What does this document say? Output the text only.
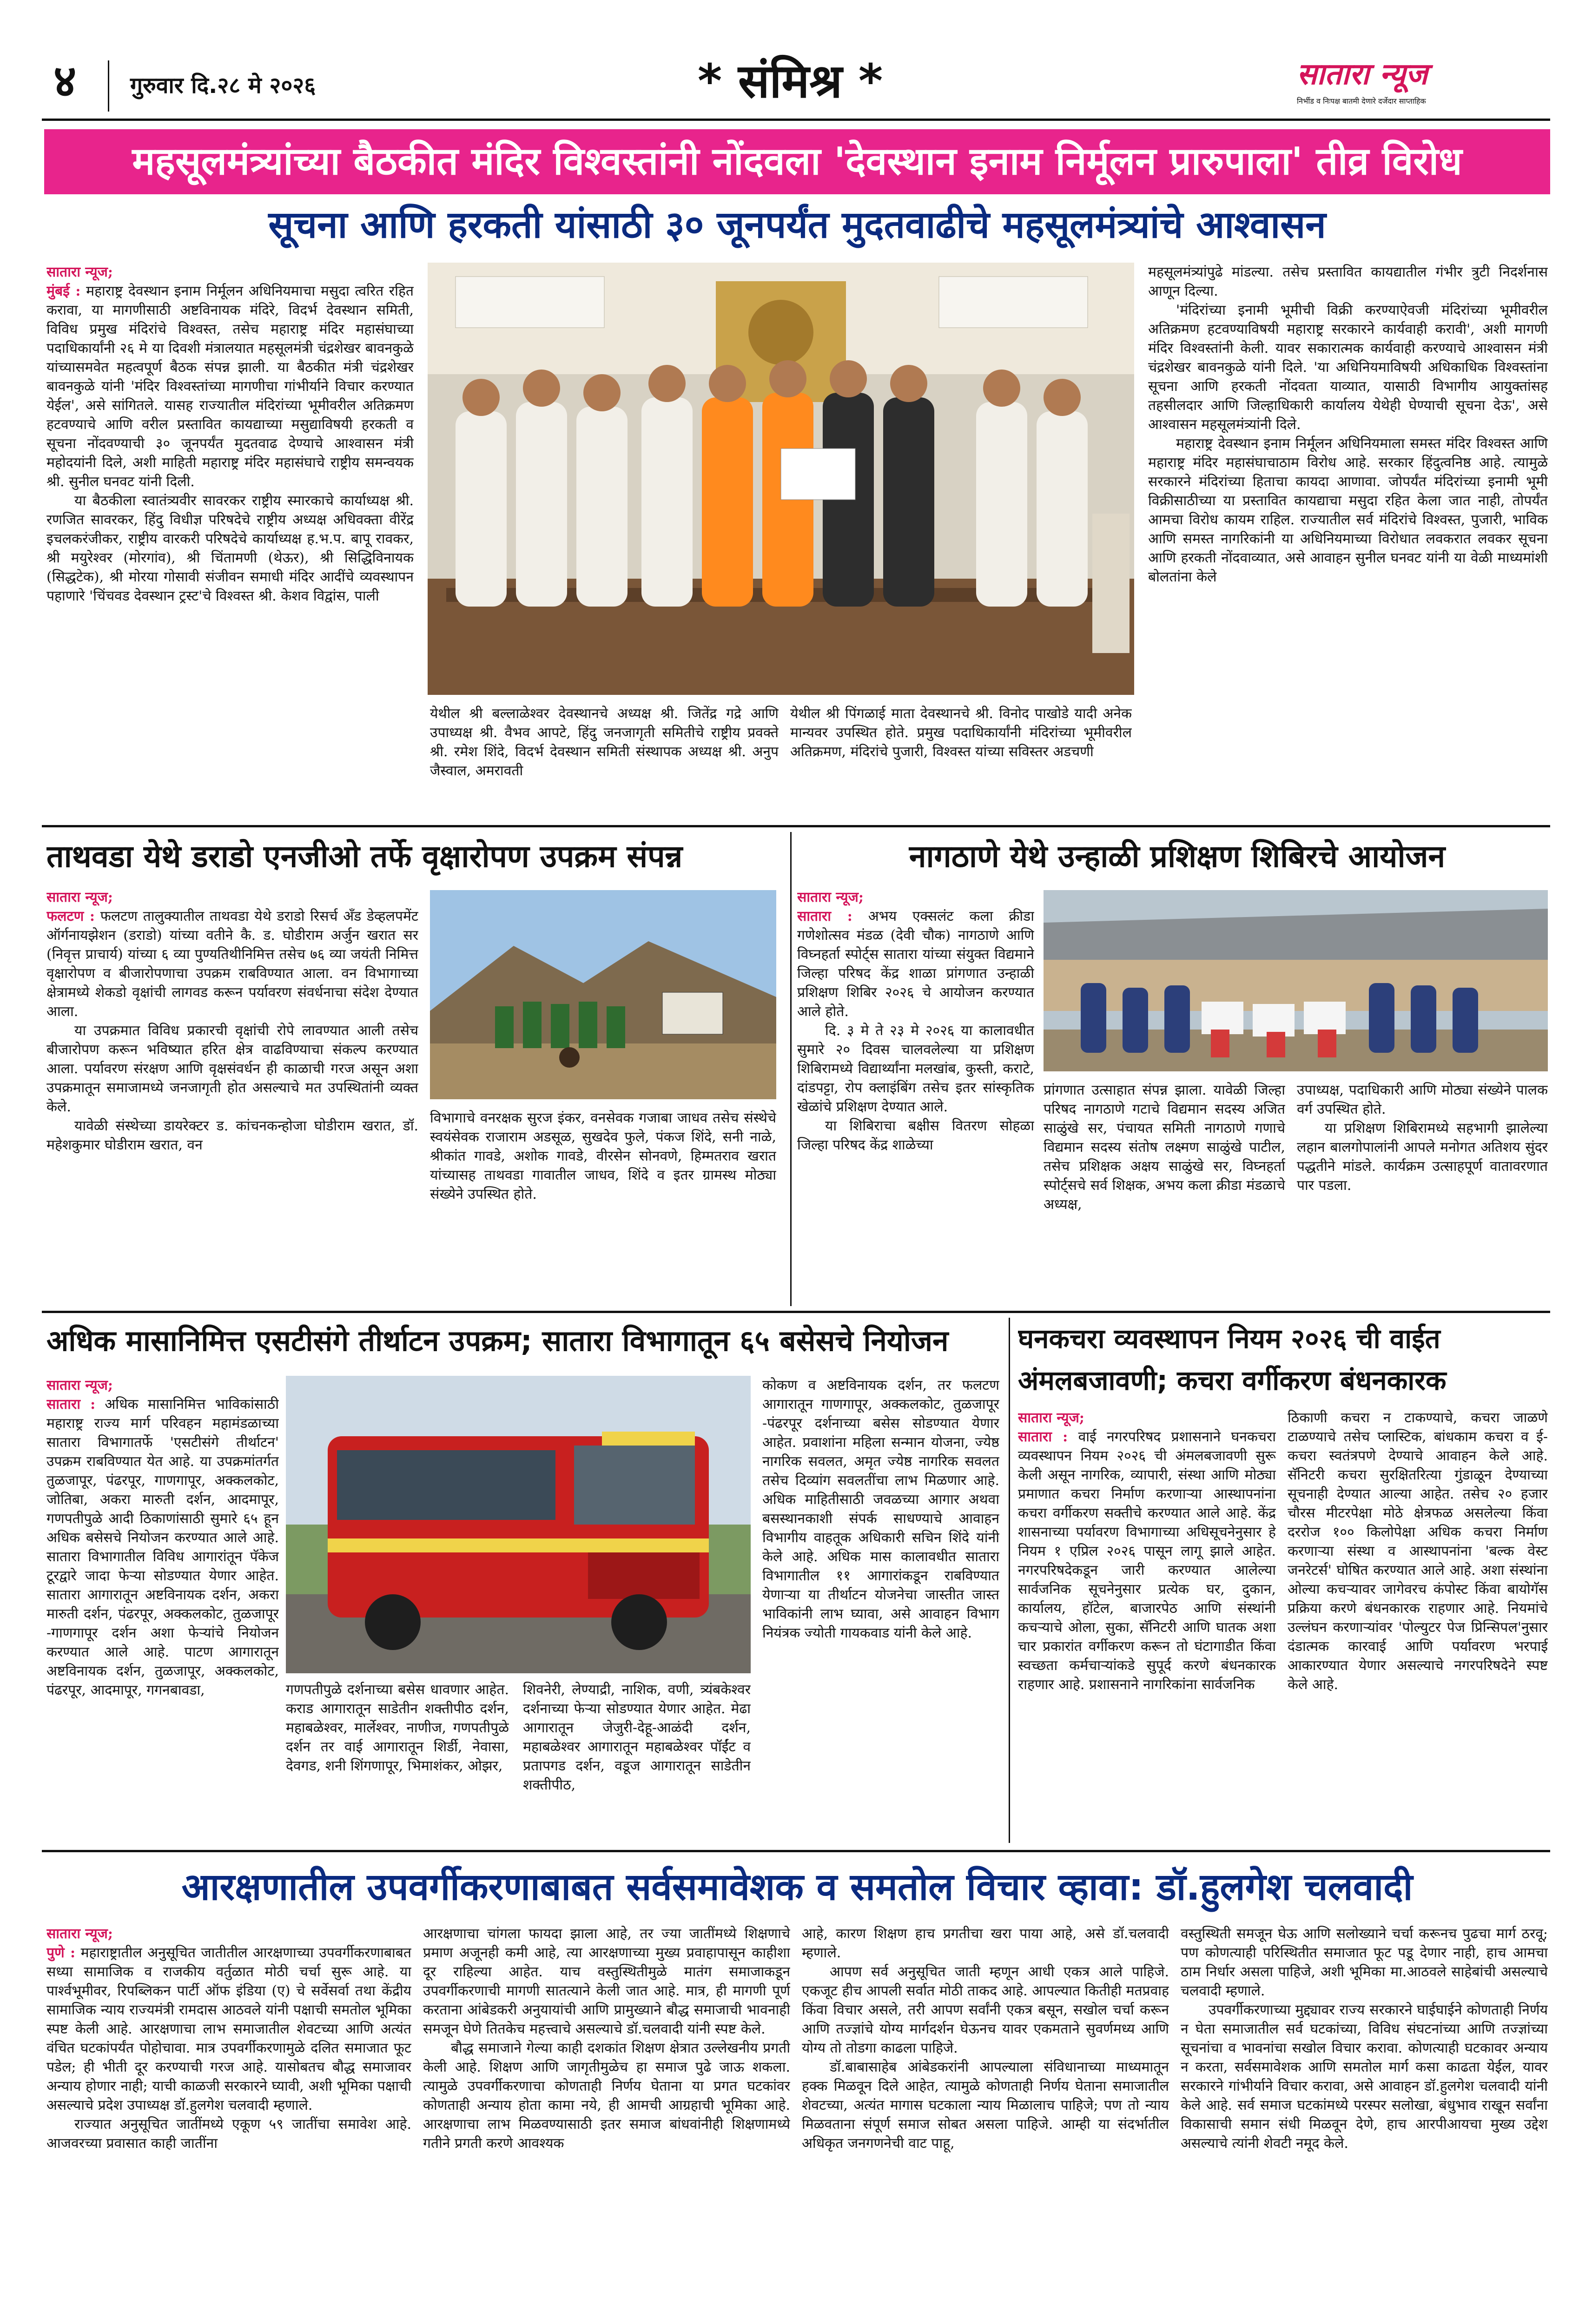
४ गुरुवार दि.२८ मे २०२६	* संमिश्र *	सातारा न्यूज
निर्भीड व निःपक्ष बातमी देणारे दर्जेदार साप्ताहिक
महसूलमंत्र्यांच्या बैठकीत मंदिर विश्वस्तांनी नोंदवला 'देवस्थान इनाम निर्मूलन प्रारुपाला' तीव्र विरोध
सूचना आणि हरकती यांसाठी ३० जूनपर्यंत मुदतवाढीचे महसूलमंत्र्यांचे आश्वासन
सातारा न्यूज;

मुंबई : महाराष्ट्र देवस्थान इनाम निर्मूलन अधिनियमाचा मसुदा त्वरित रहित करावा, या मागणीसाठी अष्टविनायक मंदिरे, विदर्भ देवस्थान समिती, विविध प्रमुख मंदिरांचे विश्वस्त, तसेच महाराष्ट्र मंदिर महासंघाच्या पदाधिकार्यांनी २६ मे या दिवशी मंत्रालयात महसूलमंत्री चंद्रशेखर बावनकुळे यांच्यासमवेत महत्वपूर्ण बैठक संपन्न झाली. या बैठकीत मंत्री चंद्रशेखर बावनकुळे यांनी 'मंदिर विश्वस्तांच्या मागणीचा गांभीर्याने विचार करण्यात येईल', असे सांगितले. यासह राज्यातील मंदिरांच्या भूमीवरील अतिक्रमण हटवण्याचे आणि वरील प्रस्तावित कायद्याच्या मसुद्याविषयी हरकती व सूचना नोंदवण्याची ३० जूनपर्यंत मुदतवाढ देण्याचे आश्वासन मंत्री महोदयांनी दिले, अशी माहिती महाराष्ट्र मंदिर महासंघाचे राष्ट्रीय समन्वयक श्री. सुनील घनवट यांनी दिली.

या बैठकीला स्वातंत्र्यवीर सावरकर राष्ट्रीय स्मारकाचे कार्याध्यक्ष श्री. रणजित सावरकर, हिंदु विधीज्ञ परिषदेचे राष्ट्रीय अध्यक्ष अधिवक्ता वीरेंद्र इचलकरंजीकर, राष्ट्रीय वारकरी परिषदेचे कार्याध्यक्ष ह.भ.प. बापू रावकर, श्री मयुरेश्वर (मोरगांव), श्री चिंतामणी (थेऊर), श्री सिद्धिविनायक (सिद्धटेक), श्री मोरया गोसावी संजीवन समाधी मंदिर आदींचे व्यवस्थापन पहाणारे 'चिंचवड देवस्थान ट्रस्ट'चे विश्वस्त श्री. केशव विद्वांस, पाली

येथील श्री बल्लाळेश्वर देवस्थानचे अध्यक्ष श्री. जितेंद्र गद्रे आणि उपाध्यक्ष श्री. वैभव आपटे, हिंदु जनजागृती समितीचे राष्ट्रीय प्रवक्ते श्री. रमेश शिंदे, विदर्भ देवस्थान समिती संस्थापक अध्यक्ष श्री. अनुप जैस्वाल, अमरावती
येथील श्री पिंगळाई माता देवस्थानचे श्री. विनोद पाखोडे यादी अनेक मान्यवर उपस्थित होते. प्रमुख पदाधिकार्यांनी मंदिरांच्या भूमीवरील अतिक्रमण, मंदिरांचे पुजारी, विश्वस्त यांच्या सविस्तर अडचणी

महसूलमंत्र्यांपुढे मांडल्या. तसेच प्रस्तावित कायद्यातील गंभीर त्रुटी निदर्शनास आणून दिल्या.

'मंदिरांच्या इनामी भूमीची विक्री करण्याऐवजी मंदिरांच्या भूमीवरील अतिक्रमण हटवण्याविषयी महाराष्ट्र सरकारने कार्यवाही करावी', अशी मागणी मंदिर विश्वस्तांनी केली. यावर सकारात्मक कार्यवाही करण्याचे आश्वासन मंत्री चंद्रशेखर बावनकुळे यांनी दिले. 'या अधिनियमाविषयी अधिकाधिक विश्वस्तांना सूचना आणि हरकती नोंदवता याव्यात, यासाठी विभागीय आयुक्तांसह तहसीलदार आणि जिल्हाधिकारी कार्यालय येथेही घेण्याची सूचना देऊ', असे आश्वासन महसूलमंत्र्यांनी दिले.

महाराष्ट्र देवस्थान इनाम निर्मूलन अधिनियमाला समस्त मंदिर विश्वस्त आणि महाराष्ट्र मंदिर महासंघाचाठाम विरोध आहे. सरकार हिंदुत्वनिष्ठ आहे. त्यामुळे सरकारने मंदिरांच्या हिताचा कायदा आणावा. जोपर्यंत मंदिरांच्या इनामी भूमी विक्रीसाठीच्या या प्रस्तावित कायद्याचा मसुदा रहित केला जात नाही, तोपर्यंत आमचा विरोध कायम राहिल. राज्यातील सर्व मंदिरांचे विश्वस्त, पुजारी, भाविक आणि समस्त नागरिकांनी या अधिनियमाच्या विरोधात लवकरात लवकर सूचना आणि हरकती नोंदवाव्यात, असे आवाहन सुनील घनवट यांनी या वेळी माध्यमांशी बोलतांना केले

ताथवडा येथे डराडो एनजीओ तर्फे वृक्षारोपण उपक्रम संपन्न
सातारा न्यूज;

फलटण : फलटण तालुक्यातील ताथवडा येथे डराडो रिसर्च अँड डेव्हलपमेंट ऑर्गनायझेशन (डराडो) यांच्या वतीने कै. ड. घोडीराम अर्जुन खरात सर (निवृत्त प्राचार्य) यांच्या ६ व्या पुण्यतिथीनिमित्त तसेच ७६ व्या जयंती निमित्त वृक्षारोपण व बीजारोपणाचा उपक्रम राबविण्यात आला. वन विभागाच्या क्षेत्रामध्ये शेकडो वृक्षांची लागवड करून पर्यावरण संवर्धनाचा संदेश देण्यात आला.

या उपक्रमात विविध प्रकारची वृक्षांची रोपे लावण्यात आली तसेच बीजारोपण करून भविष्यात हरित क्षेत्र वाढविण्याचा संकल्प करण्यात आला. पर्यावरण संरक्षण आणि वृक्षसंवर्धन ही काळाची गरज असून अशा उपक्रमातून समाजामध्ये जनजागृती होत असल्याचे मत उपस्थितांनी व्यक्त केले.

यावेळी संस्थेच्या डायरेक्टर ड. कांचनकन्होजा घोडीराम खरात, डॉ. महेशकुमार घोडीराम खरात, वन

विभागाचे वनरक्षक सुरज इंकर, वनसेवक गजाबा जाधव तसेच संस्थेचे स्वयंसेवक राजाराम अडसूळ, सुखदेव फुले, पंकज शिंदे, सनी नाळे, श्रीकांत गावडे, अशोक गावडे, वीरसेन सोनवणे, हिम्मतराव खरात यांच्यासह ताथवडा गावातील जाधव, शिंदे व इतर ग्रामस्थ मोठ्या संख्येने उपस्थित होते.
नागठाणे येथे उन्हाळी प्रशिक्षण शिबिरचे आयोजन
सातारा न्यूज;

सातारा : अभय एक्सलंट कला क्रीडा गणेशोत्सव मंडळ (देवी चौक) नागठाणे आणि विघ्नहर्ता स्पोर्ट्स सातारा यांच्या संयुक्त विद्यमाने जिल्हा परिषद केंद्र शाळा प्रांगणात उन्हाळी प्रशिक्षण शिबिर २०२६ चे आयोजन करण्यात आले होते.

दि. ३ मे ते २३ मे २०२६ या कालावधीत सुमारे २० दिवस चालवलेल्या या प्रशिक्षण शिबिरामध्ये विद्यार्थ्यांना मलखांब, कुस्ती, कराटे, दांडपट्टा, रोप क्लाइंबिंग तसेच इतर सांस्कृतिक खेळांचे प्रशिक्षण देण्यात आले.

या शिबिराचा बक्षीस वितरण सोहळा जिल्हा परिषद केंद्र शाळेच्या

प्रांगणात उत्साहात संपन्न झाला. यावेळी जिल्हा परिषद नागठाणे गटाचे विद्यमान सदस्य अजित साळुंखे सर, पंचायत समिती नागठाणे गणाचे विद्यमान सदस्य संतोष लक्ष्मण साळुंखे पाटील, तसेच प्रशिक्षक अक्षय साळुंखे सर, विघ्नहर्ता स्पोर्ट्सचे सर्व शिक्षक, अभय कला क्रीडा मंडळाचे अध्यक्ष,

उपाध्यक्ष, पदाधिकारी आणि मोठ्या संख्येने पालक वर्ग उपस्थित होते.

या प्रशिक्षण शिबिरामध्ये सहभागी झालेल्या लहान बालगोपालांनी आपले मनोगत अतिशय सुंदर पद्धतीने मांडले. कार्यक्रम उत्साहपूर्ण वातावरणात पार पडला.

अधिक मासानिमित्त एसटीसंगे तीर्थाटन उपक्रम; सातारा विभागातून ६५ बसेसचे नियोजन
सातारा न्यूज;

सातारा : अधिक मासानिमित्त भाविकांसाठी महाराष्ट्र राज्य मार्ग परिवहन महामंडळाच्या सातारा विभागातर्फे 'एसटीसंगे तीर्थाटन' उपक्रम राबविण्यात येत आहे. या उपक्रमांतर्गत तुळजापूर, पंढरपूर, गाणगापूर, अक्कलकोट, जोतिबा, अकरा मारुती दर्शन, आदमापूर, गणपतीपुळे आदी ठिकाणांसाठी सुमारे ६५ हून अधिक बसेसचे नियोजन करण्यात आले आहे. सातारा विभागातील विविध आगारांतून पॅकेज टूरद्वारे जादा फेऱ्या सोडण्यात येणार आहेत. सातारा आगारातून अष्टविनायक दर्शन, अकरा मारुती दर्शन, पंढरपूर, अक्कलकोट, तुळजापूर -गाणगापूर दर्शन अशा फेऱ्यांचे नियोजन करण्यात आले आहे. पाटण आगारातून अष्टविनायक दर्शन, तुळजापूर, अक्कलकोट, पंढरपूर, आदमापूर, गगनबावडा,	गणपतीपुळे दर्शनाच्या बसेस धावणार आहेत. कराड आगारातून साडेतीन शक्तीपीठ दर्शन, महाबळेश्वर, मार्लेश्वर, नाणीज, गणपतीपुळे दर्शन तर वाई आगारातून शिर्डी, नेवासा, देवगड, शनी शिंगणापूर, भिमाशंकर, ओझर,
शिवनेरी, लेण्याद्री, नाशिक, वणी, त्र्यंबकेश्वर दर्शनाच्या फेऱ्या सोडण्यात येणार आहेत. मेढा आगारातून जेजुरी-देहू-आळंदी दर्शन, महाबळेश्वर आगारातून महाबळेश्वर पॉईंट व प्रतापगड दर्शन, वडूज आगारातून साडेतीन शक्तीपीठ,

कोकण व अष्टविनायक दर्शन, तर फलटण आगारातून गाणगापूर, अक्कलकोट, तुळजापूर -पंढरपूर दर्शनाच्या बसेस सोडण्यात येणार आहेत. प्रवाशांना महिला सन्मान योजना, ज्येष्ठ नागरिक सवलत, अमृत ज्येष्ठ नागरिक सवलत तसेच दिव्यांग सवलतींचा लाभ मिळणार आहे. अधिक माहितीसाठी जवळच्या आगार अथवा बसस्थानकाशी संपर्क साधण्याचे आवाहन विभागीय वाहतूक अधिकारी सचिन शिंदे यांनी केले आहे. अधिक मास कालावधीत सातारा विभागातील ११ आगारांकडून राबविण्यात येणाऱ्या या तीर्थाटन योजनेचा जास्तीत जास्त भाविकांनी लाभ घ्यावा, असे आवाहन विभाग नियंत्रक ज्योती गायकवाड यांनी केले आहे.

घनकचरा व्यवस्थापन नियम २०२६ ची वाईत
अंमलबजावणी; कचरा वर्गीकरण बंधनकारक
सातारा न्यूज;

सातारा : वाई नगरपरिषद प्रशासनाने घनकचरा व्यवस्थापन नियम २०२६ ची अंमलबजावणी सुरू केली असून नागरिक, व्यापारी, संस्था आणि मोठ्या प्रमाणात कचरा निर्माण करणाऱ्या आस्थापनांना कचरा वर्गीकरण सक्तीचे करण्यात आले आहे. केंद्र शासनाच्या पर्यावरण विभागाच्या अधिसूचनेनुसार हे नियम १ एप्रिल २०२६ पासून लागू झाले आहेत. नगरपरिषदेकडून जारी करण्यात आलेल्या सार्वजनिक सूचनेनुसार प्रत्येक घर, दुकान, कार्यालय, हॉटेल, बाजारपेठ आणि संस्थांनी कचऱ्याचे ओला, सुका, सॅनिटरी आणि घातक अशा चार प्रकारांत वर्गीकरण करून तो घंटागाडीत किंवा स्वच्छता कर्मचाऱ्यांकडे सुपूर्द करणे बंधनकारक राहणार आहे. प्रशासनाने नागरिकांना सार्वजनिक

ठिकाणी कचरा न टाकण्याचे, कचरा जाळणे टाळण्याचे तसेच प्लास्टिक, बांधकाम कचरा व ई-कचरा स्वतंत्रपणे देण्याचे आवाहन केले आहे. सॅनिटरी कचरा सुरक्षितरित्या गुंडाळून देण्याच्या सूचनाही देण्यात आल्या आहेत. तसेच २० हजार चौरस मीटरपेक्षा मोठे क्षेत्रफळ असलेल्या किंवा दररोज १०० किलोपेक्षा अधिक कचरा निर्माण करणाऱ्या संस्था व आस्थापनांना 'बल्क वेस्ट जनरेटर्स' घोषित करण्यात आले आहे. अशा संस्थांना ओल्या कचऱ्यावर जागेवरच कंपोस्ट किंवा बायोगॅस प्रक्रिया करणे बंधनकारक राहणार आहे. नियमांचे उल्लंघन करणाऱ्यांवर 'पोल्युटर पेज प्रिन्सिपल'नुसार दंडात्मक कारवाई आणि पर्यावरण भरपाई आकारण्यात येणार असल्याचे नगरपरिषदेने स्पष्ट केले आहे.

आरक्षणातील उपवर्गीकरणाबाबत सर्वसमावेशक व समतोल विचार व्हावा: डॉ.हुलगेश चलवादी
सातारा न्यूज;

पुणे : महाराष्ट्रातील अनुसूचित जातीतील आरक्षणाच्या उपवर्गीकरणाबाबत सध्या सामाजिक व राजकीय वर्तुळात मोठी चर्चा सुरू आहे. या पार्श्वभूमीवर, रिपब्लिकन पार्टी ऑफ इंडिया (ए) चे सर्वेसर्वा तथा केंद्रीय सामाजिक न्याय राज्यमंत्री रामदास आठवले यांनी पक्षाची समतोल भूमिका स्पष्ट केली आहे. आरक्षणाचा लाभ समाजातील शेवटच्या आणि अत्यंत वंचित घटकांपर्यंत पोहोचावा. मात्र उपवर्गीकरणामुळे दलित समाजात फूट पडेल; ही भीती दूर करण्याची गरज आहे. यासोबतच बौद्ध समाजावर अन्याय होणार नाही; याची काळजी सरकारने घ्यावी, अशी भूमिका पक्षाची असल्याचे प्रदेश उपाध्यक्ष डॉ.हुलगेश चलवादी म्हणाले.

राज्यात अनुसूचित जातींमध्ये एकूण ५९ जातींचा समावेश आहे. आजवरच्या प्रवासात काही जातींना

आरक्षणाचा चांगला फायदा झाला आहे, तर ज्या जातींमध्ये शिक्षणाचे प्रमाण अजूनही कमी आहे, त्या आरक्षणाच्या मुख्य प्रवाहापासून काहीशा दूर राहिल्या आहेत. याच वस्तुस्थितीमुळे मातंग समाजाकडून उपवर्गीकरणाची मागणी सातत्याने केली जात आहे. मात्र, ही मागणी पूर्ण करताना आंबेडकरी अनुयायांची आणि प्रामुख्याने बौद्ध समाजाची भावनाही समजून घेणे तितकेच महत्त्वाचे असल्याचे डॉ.चलवादी यांनी स्पष्ट केले.

बौद्ध समाजाने गेल्या काही दशकांत शिक्षण क्षेत्रात उल्लेखनीय प्रगती केली आहे. शिक्षण आणि जागृतीमुळेच हा समाज पुढे जाऊ शकला. त्यामुळे उपवर्गीकरणाचा कोणताही निर्णय घेताना या प्रगत घटकांवर कोणताही अन्याय होता कामा नये, ही आमची आग्रहाची भूमिका आहे. आरक्षणाचा लाभ मिळवण्यासाठी इतर समाज बांधवांनीही शिक्षणामध्ये गतीने प्रगती करणे आवश्यक

आहे, कारण शिक्षण हाच प्रगतीचा खरा पाया आहे, असे डॉ.चलवादी म्हणाले.

आपण सर्व अनुसूचित जाती म्हणून आधी एकत्र आले पाहिजे. एकजूट हीच आपली सर्वात मोठी ताकद आहे. आपल्यात कितीही मतप्रवाह किंवा विचार असले, तरी आपण सर्वांनी एकत्र बसून, सखोल चर्चा करून आणि तज्ज्ञांचे योग्य मार्गदर्शन घेऊनच यावर एकमताने सुवर्णमध्य आणि योग्य तो तोडगा काढला पाहिजे.

डॉ.बाबासाहेब आंबेडकरांनी आपल्याला संविधानाच्या माध्यमातून हक्क मिळवून दिले आहेत, त्यामुळे कोणताही निर्णय घेताना समाजातील शेवटच्या, अत्यंत मागास घटकाला न्याय मिळालाच पाहिजे; पण तो न्याय मिळवताना संपूर्ण समाज सोबत असला पाहिजे. आम्ही या संदर्भातील अधिकृत जनगणनेची वाट पाहू,

वस्तुस्थिती समजून घेऊ आणि सलोख्याने चर्चा करूनच पुढचा मार्ग ठरवू; पण कोणत्याही परिस्थितीत समाजात फूट पडू देणार नाही, हाच आमचा ठाम निर्धार असला पाहिजे, अशी भूमिका मा.आठवले साहेबांची असल्याचे चलवादी म्हणाले.

उपवर्गीकरणाच्या मुद्द्यावर राज्य सरकारने घाईघाईने कोणताही निर्णय न घेता समाजातील सर्व घटकांच्या, विविध संघटनांच्या आणि तज्ज्ञांच्या सूचनांचा व भावनांचा सखोल विचार करावा. कोणत्याही घटकावर अन्याय न करता, सर्वसमावेशक आणि समतोल मार्ग कसा काढता येईल, यावर सरकारने गांभीर्याने विचार करावा, असे आवाहन डॉ.हुलगेश चलवादी यांनी केले आहे. सर्व समाज घटकांमध्ये परस्पर सलोखा, बंधुभाव राखून सर्वांना विकासाची समान संधी मिळवून देणे, हाच आरपीआयचा मुख्य उद्देश असल्याचे त्यांनी शेवटी नमूद केले.
